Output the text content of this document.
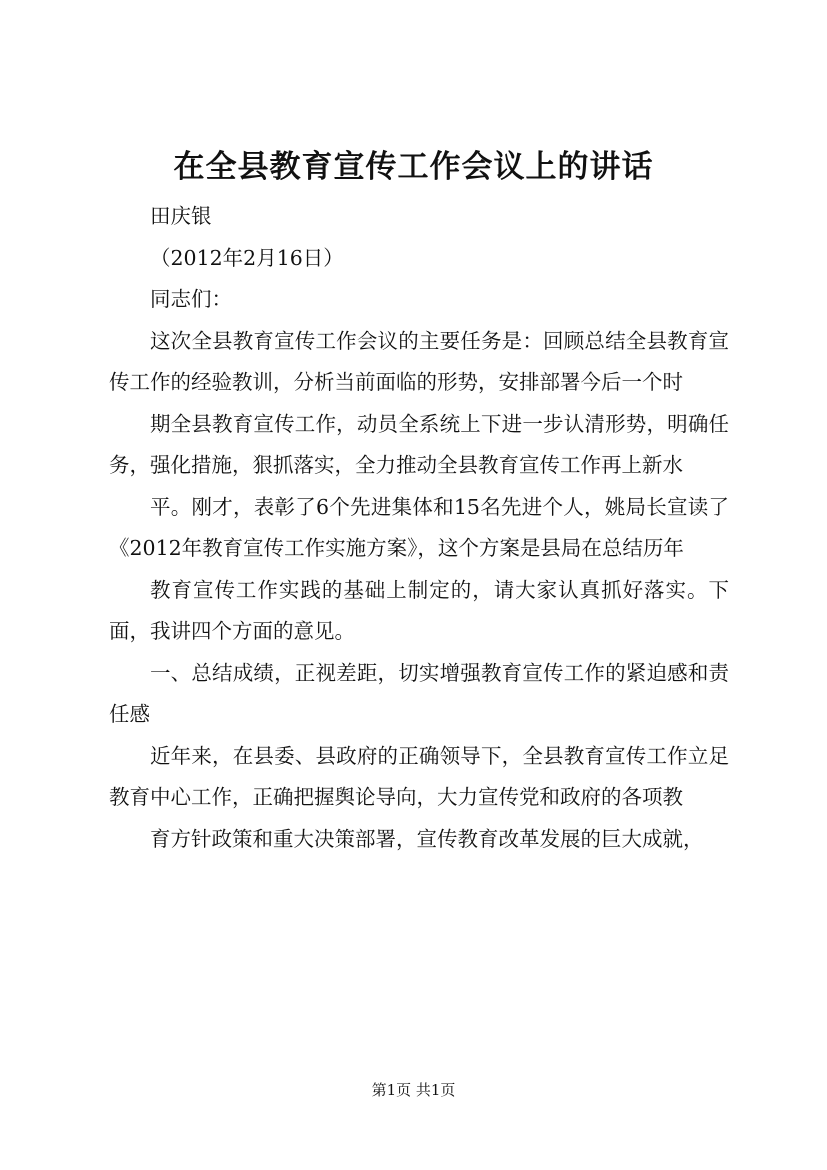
在全县教育宣传工作会议上的讲话

田庆银

（2012年2月16日）

同志们：

这次全县教育宣传工作会议的主要任务是：回顾总结全县教育宣传工作的经验教训，分析当前面临的形势，安排部署今后一个时

期全县教育宣传工作，动员全系统上下进一步认清形势，明确任务，强化措施，狠抓落实，全力推动全县教育宣传工作再上新水

平。刚才，表彰了6个先进集体和15名先进个人，姚局长宣读了《2012年教育宣传工作实施方案》，这个方案是县局在总结历年

教育宣传工作实践的基础上制定的，请大家认真抓好落实。下面，我讲四个方面的意见。

一、总结成绩，正视差距，切实增强教育宣传工作的紧迫感和责任感

近年来，在县委、县政府的正确领导下，全县教育宣传工作立足教育中心工作，正确把握舆论导向，大力宣传党和政府的各项教

育方针政策和重大决策部署，宣传教育改革发展的巨大成就，

第1页 共1页
